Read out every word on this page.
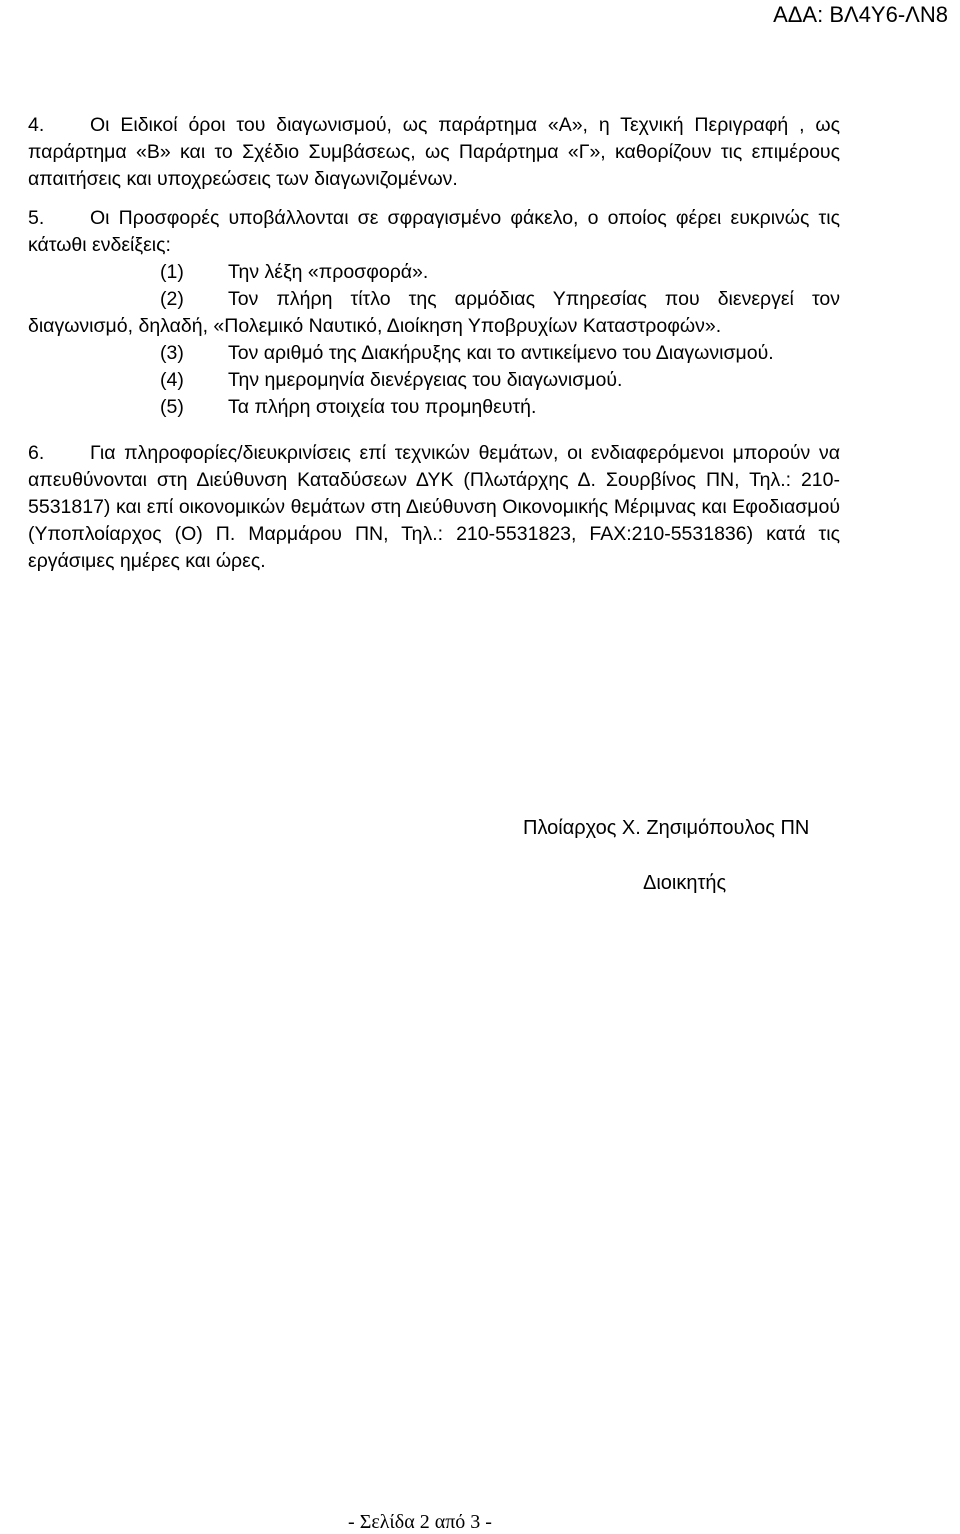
ΑΔΑ: ΒΛ4Υ6-ΛΝ8

4. Οι Ειδικοί όροι του διαγωνισμού, ως παράρτημα «Α», η Τεχνική Περιγραφή , ως παράρτημα «Β» και το Σχέδιο Συμβάσεως, ως Παράρτημα «Γ», καθορίζουν τις επιμέρους απαιτήσεις και υποχρεώσεις των διαγωνιζομένων.

5. Οι Προσφορές υποβάλλονται σε σφραγισμένο φάκελο, ο οποίος φέρει ευκρινώς τις κάτωθι ενδείξεις:

(1) Την λέξη «προσφορά».

(2) Τον πλήρη τίτλο της αρμόδιας Υπηρεσίας που διενεργεί τον διαγωνισμό, δηλαδή, «Πολεμικό Ναυτικό, Διοίκηση Υποβρυχίων Καταστροφών».

(3) Τον αριθμό της Διακήρυξης και το αντικείμενο του Διαγωνισμού.

(4) Την ημερομηνία διενέργειας του διαγωνισμού.

(5) Τα πλήρη στοιχεία του προμηθευτή.

6. Για πληροφορίες/διευκρινίσεις επί τεχνικών θεμάτων, οι ενδιαφερόμενοι μπορούν να απευθύνονται στη Διεύθυνση Καταδύσεων ΔΥΚ (Πλωτάρχης Δ. Σουρβίνος ΠΝ, Τηλ.: 210-5531817) και επί οικονομικών θεμάτων στη Διεύθυνση Οικονομικής Μέριμνας και Εφοδιασμού (Υποπλοίαρχος (Ο) Π. Μαρμάρου ΠΝ, Τηλ.: 210-5531823, FAX:210-5531836) κατά τις εργάσιμες ημέρες και ώρες.

Πλοίαρχος Χ. Ζησιμόπουλος ΠΝ
Διοικητής
- Σελίδα 2 από 3 -
